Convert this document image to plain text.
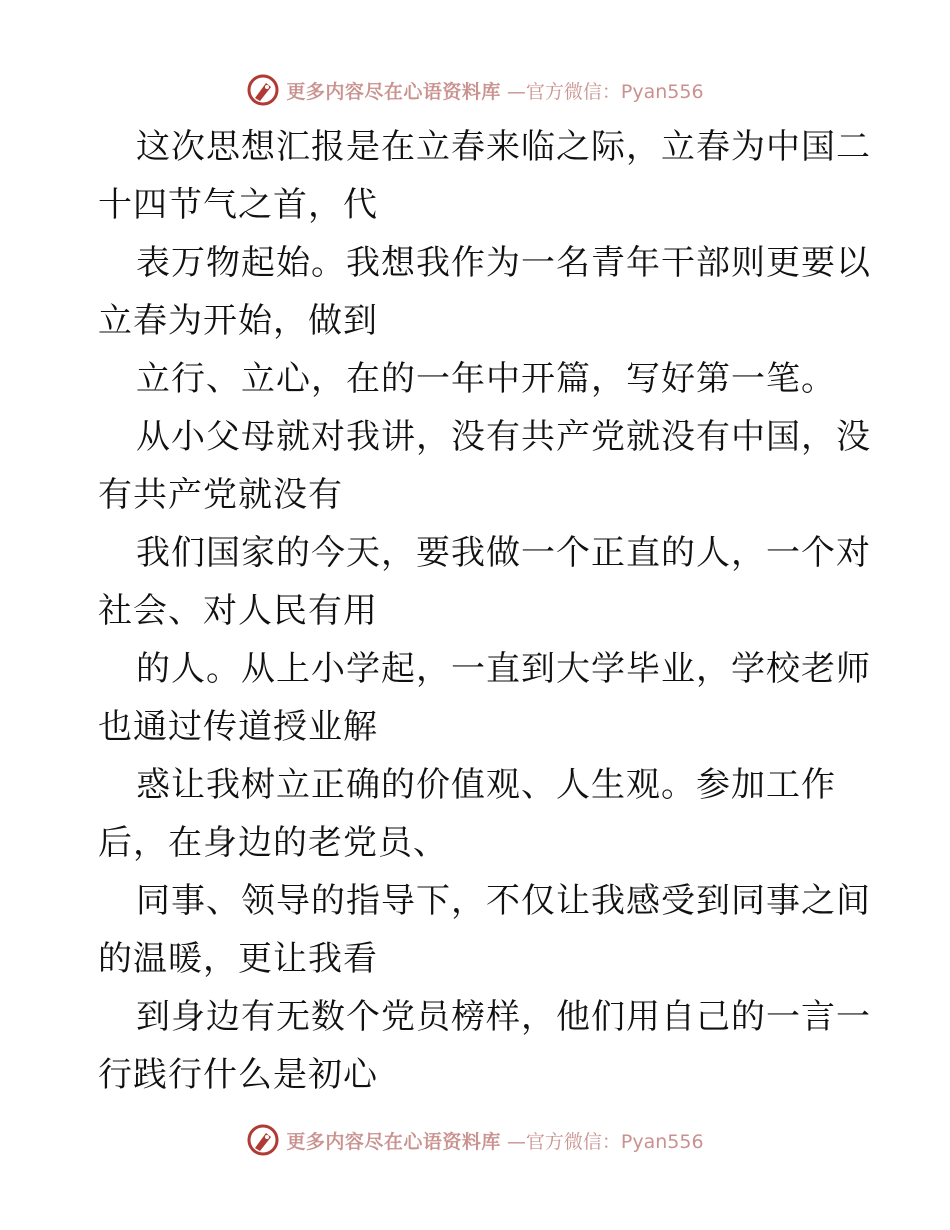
更多内容尽在心语资料库 —官方微信：Pyan556
这次思想汇报是在立春来临之际，立春为中国二
十四节气之首，代
表万物起始。我想我作为一名青年干部则更要以
立春为开始，做到
立行、立心，在的一年中开篇，写好第一笔。
从小父母就对我讲，没有共产党就没有中国，没
有共产党就没有
我们国家的今天，要我做一个正直的人，一个对
社会、对人民有用
的人。从上小学起，一直到大学毕业，学校老师
也通过传道授业解
惑让我树立正确的价值观、人生观。参加工作
后，在身边的老党员、
同事、领导的指导下，不仅让我感受到同事之间
的温暖，更让我看
到身边有无数个党员榜样，他们用自己的一言一
行践行什么是初心
更多内容尽在心语资料库 —官方微信：Pyan556
